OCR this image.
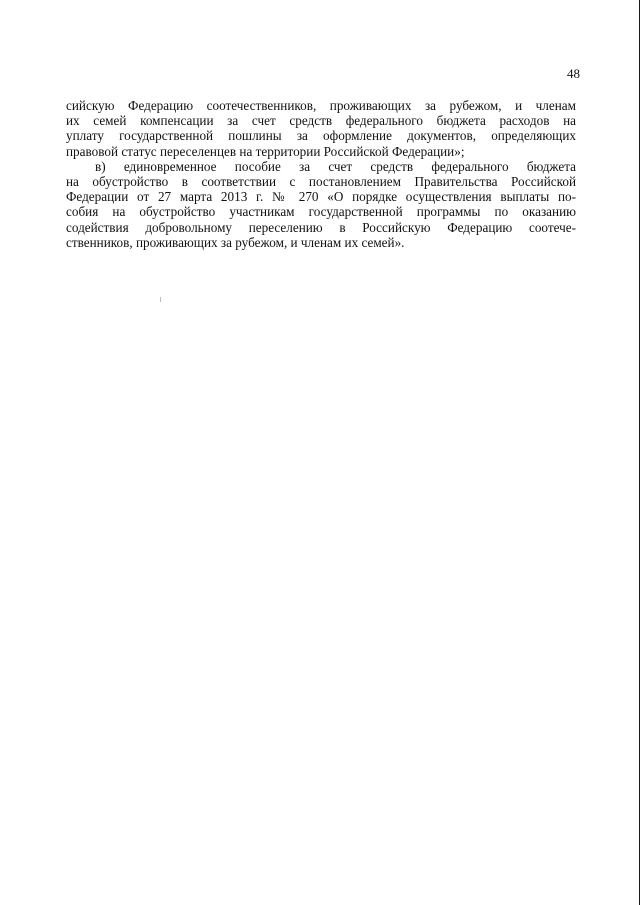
48
сийскую Федерацию соотечественников, проживающих за рубежом, и членам
их семей компенсации за счет средств федерального бюджета расходов на
уплату государственной пошлины за оформление документов, определяющих
правовой статус переселенцев на территории Российской Федерации»;
в) единовременное пособие за счет средств федерального бюджета
на обустройство в соответствии с постановлением Правительства Российской
Федерации от 27 марта 2013 г. № 270 «О порядке осуществления выплаты по-
собия на обустройство участникам государственной программы по оказанию
содействия добровольному переселению в Российскую Федерацию соотече-
ственников, проживающих за рубежом, и членам их семей».
